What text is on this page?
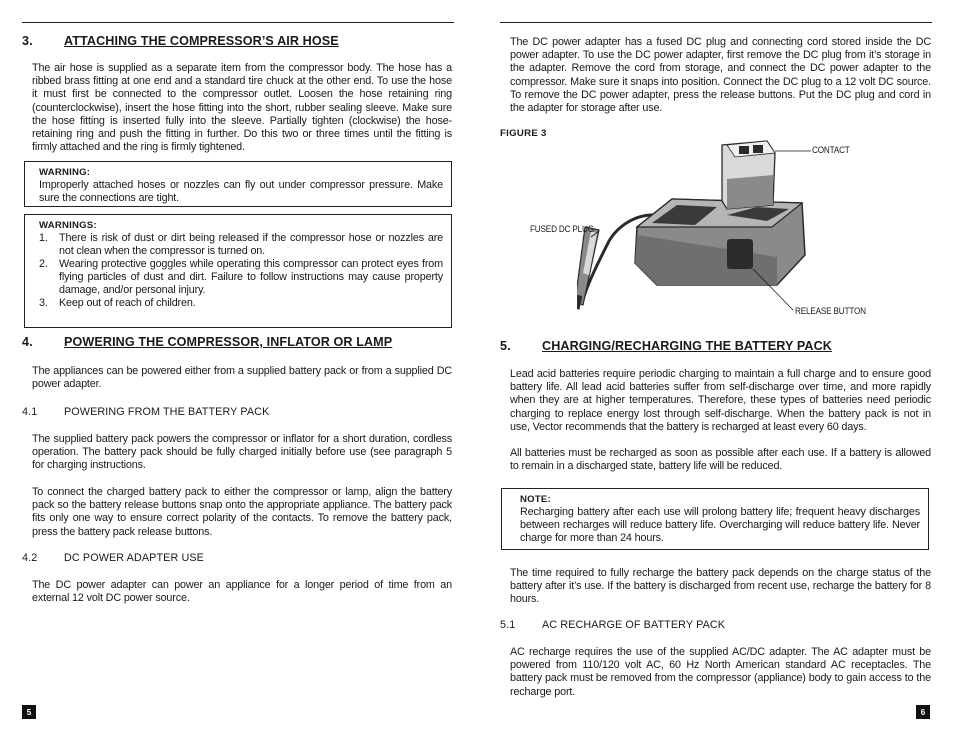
3.	ATTACHING THE COMPRESSOR’S AIR HOSE

The air hose is supplied as a separate item from the compressor body. The hose has a ribbed brass fitting at one end and a standard tire chuck at the other end. To use the hose it must first be connected to the compressor outlet. Loosen the hose retaining ring (counterclockwise), insert the hose fitting into the short, rubber sealing sleeve. Make sure the hose fitting is inserted fully into the sleeve. Partially tighten (clockwise) the hose-retaining ring and push the fitting in further. Do this two or three times until the fitting is firmly attached and the ring is firmly tightened.

WARNING:

Improperly attached hoses or nozzles can fly out under compressor pressure. Make sure the connections are tight.

WARNINGS:
1.	There is risk of dust or dirt being released if the compressor hose or nozzles are not clean when the compressor is turned on.
2.	Wearing protective goggles while operating this compressor can protect eyes from flying particles of dust and dirt. Failure to follow instructions may cause property damage, and/or personal injury.
3.	Keep out of reach of children.
4.	POWERING THE COMPRESSOR, INFLATOR OR LAMP

The appliances can be powered either from a supplied battery pack or from a supplied DC power adapter.

4.1	POWERING FROM THE BATTERY PACK

The supplied battery pack powers the compressor or inflator for a short duration, cordless operation. The battery pack should be fully charged initially before use (see paragraph 5 for charging instructions.

To connect the charged battery pack to either the compressor or lamp, align the battery pack so the battery release buttons snap onto the appropriate appliance. The battery pack fits only one way to ensure correct polarity of the contacts. To remove the battery pack, press the battery pack release buttons.

4.2	DC POWER ADAPTER USE

The DC power adapter can power an appliance for a longer period of time from an external 12 volt DC power source.

5

The DC power adapter has a fused DC plug and connecting cord stored inside the DC power adapter. To use the DC power adapter, first remove the DC plug from it’s storage in the adapter. Remove the cord from storage, and connect the DC power adapter to the compressor. Make sure it snaps into position. Connect the DC plug to a 12 volt DC source. To remove the DC power adapter, press the release buttons. Put the DC plug and cord in the adapter for storage after use.

FIGURE 3
CONTACT
FUSED DC PLUG
RELEASE BUTTON
5.	CHARGING/RECHARGING THE BATTERY PACK

Lead acid batteries require periodic charging to maintain a full charge and to ensure good battery life. All lead acid batteries suffer from self-discharge over time, and more rapidly when they are at higher temperatures. Therefore, these types of batteries need periodic charging to replace energy lost through self-discharge. When the battery pack is not in use, Vector recommends that the battery is recharged at least every 60 days.

All batteries must be recharged as soon as possible after each use. If a battery is allowed to remain in a discharged state, battery life will be reduced.

NOTE:

Recharging battery after each use will prolong battery life; frequent heavy discharges between recharges will reduce battery life. Overcharging will reduce battery life. Never charge for more than 24 hours.

The time required to fully recharge the battery pack depends on the charge status of the battery after it’s use. If the battery is discharged from recent use, recharge the battery for 8 hours.

5.1	AC RECHARGE OF BATTERY PACK

AC recharge requires the use of the supplied AC/DC adapter. The AC adapter must be powered from 110/120 volt AC, 60 Hz North American standard AC receptacles. The battery pack must be removed from the compressor (appliance) body to gain access to the recharge port.

6
